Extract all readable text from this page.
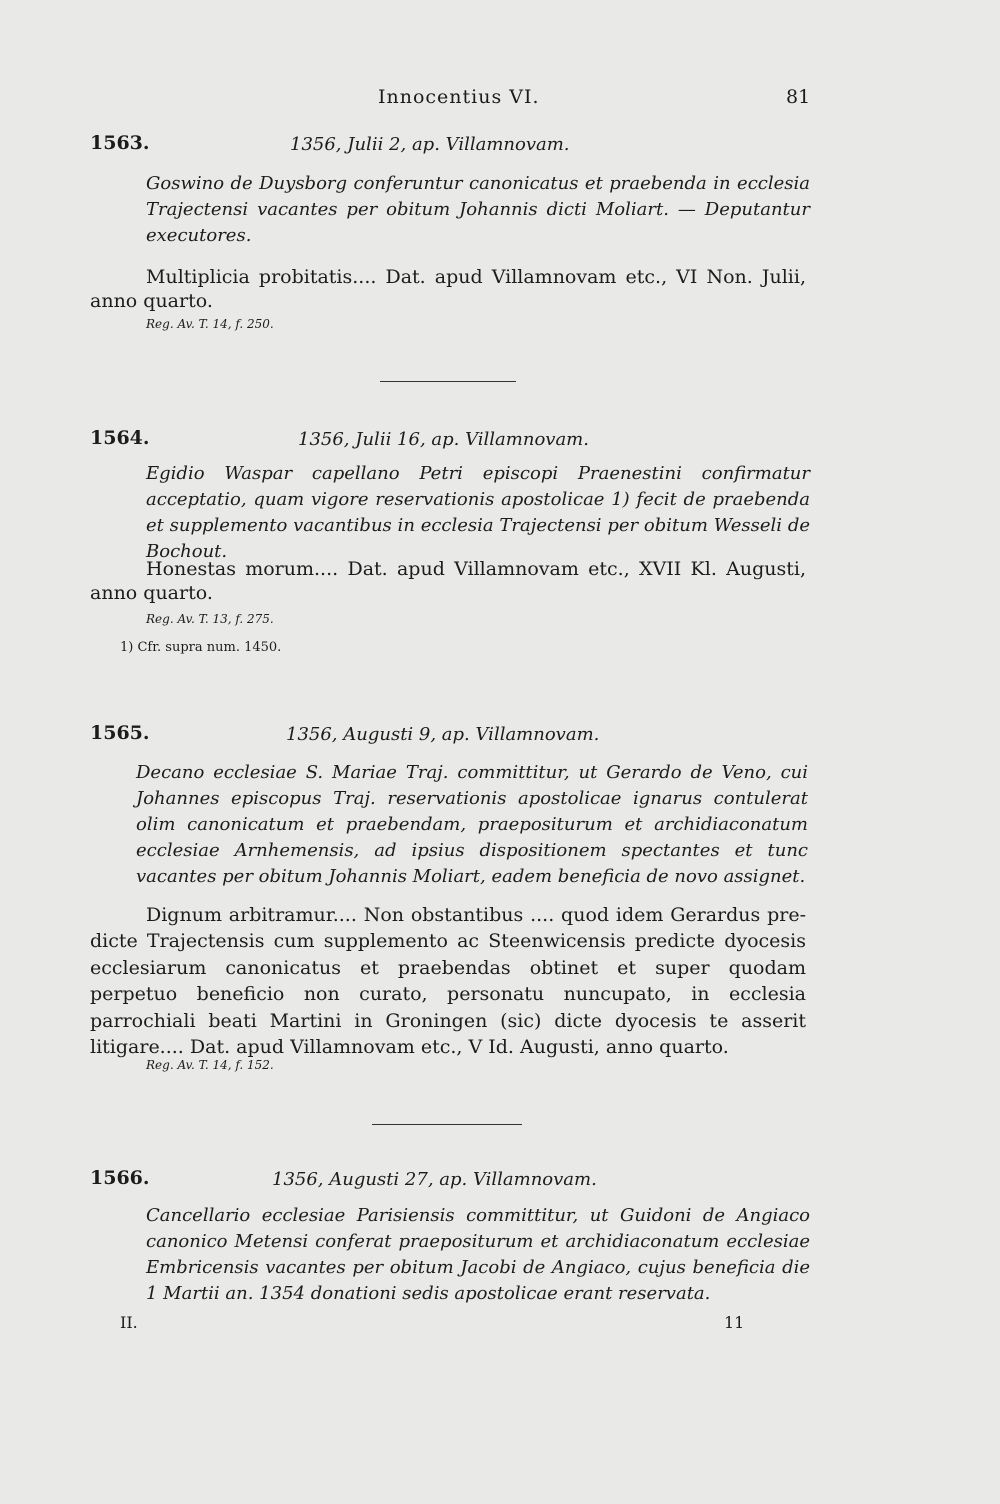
Innocentius VI.	81
1563.	1356, Julii 2, ap. Villamnovam.
Goswino de Duysborg conferuntur canonicatus et praebenda in ecclesia Trajectensi vacantes per obitum Johannis dicti Moliart. — Deputantur executores.
Multiplicia probitatis.... Dat. apud Villamnovam etc., VI Non. Julii,
anno quarto.
Reg. Av. T. 14, f. 250.
1564.	1356, Julii 16, ap. Villamnovam.
Egidio Waspar capellano Petri episcopi Praenestini confirmatur acceptatio, quam vigore reservationis apostolicae 1) fecit de praebenda et supplemento vacantibus in ecclesia Trajectensi per obitum Wesseli de Bochout.
Honestas morum.... Dat. apud Villamnovam etc., XVII Kl. Augusti,
anno quarto.
Reg. Av. T. 13, f. 275.
1) Cfr. supra num. 1450.
1565.	1356, Augusti 9, ap. Villamnovam.
Decano ecclesiae S. Mariae Traj. committitur, ut Gerardo de Veno, cui Johannes episcopus Traj. reservationis apostolicae ignarus contulerat olim canonicatum et praebendam, praepositurum et archidiaconatum ecclesiae Arnhemensis, ad ipsius dispositionem spectantes et tunc vacantes per obitum Johannis Moliart, eadem beneficia de novo assignet.
Dignum arbitramur.... Non obstantibus .... quod idem Gerardus pre-
dicte Trajectensis cum supplemento ac Steenwicensis predicte dyocesis ecclesiarum canonicatus et praebendas obtinet et super quodam perpetuo beneficio non curato, personatu nuncupato, in ecclesia parrochiali beati Martini in Groningen (sic) dicte dyocesis te asserit litigare.... Dat. apud Villamnovam etc., V Id. Augusti, anno quarto.
Reg. Av. T. 14, f. 152.
1566.	1356, Augusti 27, ap. Villamnovam.
Cancellario ecclesiae Parisiensis committitur, ut Guidoni de Angiaco canonico Metensi conferat praepositurum et archidiaconatum ecclesiae Embricensis vacantes per obitum Jacobi de Angiaco, cujus beneficia die 1 Martii an. 1354 donationi sedis apostolicae erant reservata.
II.	11
